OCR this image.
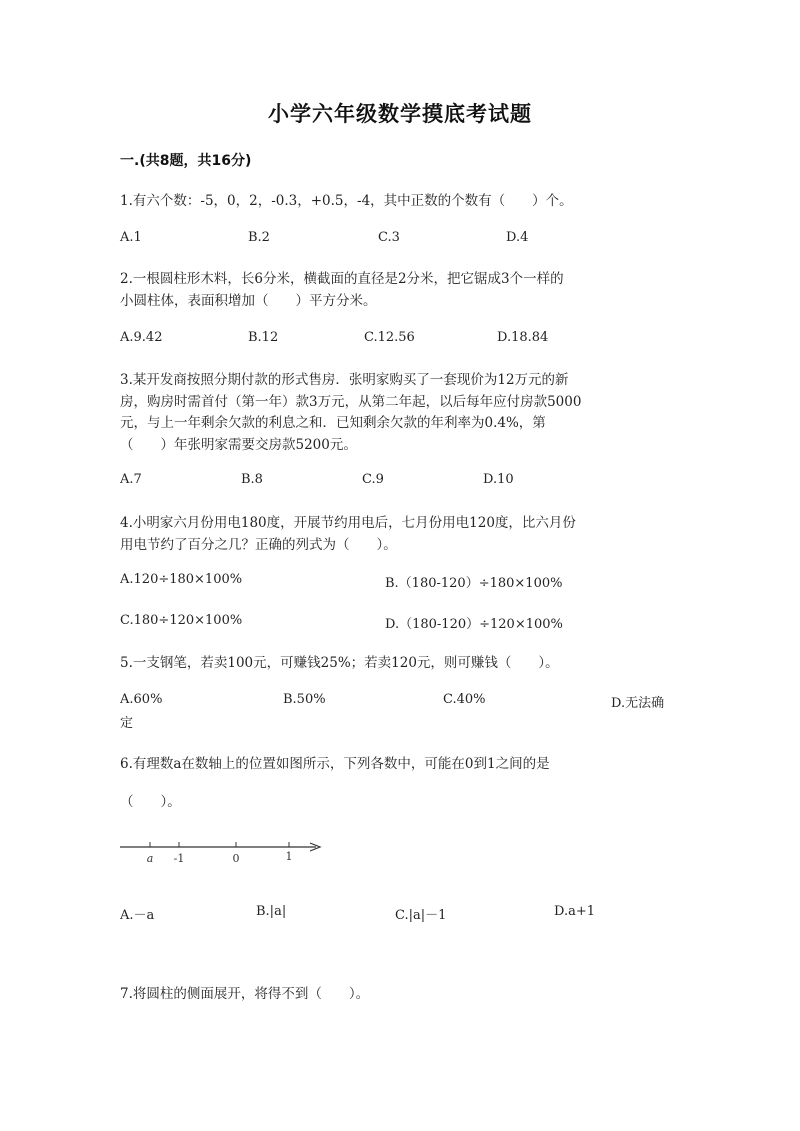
小学六年级数学摸底考试题
一.(共8题，共16分)
1.有六个数：-5，0，2，-0.3，+0.5，-4，其中正数的个数有（　　）个。
A.1	B.2	C.3	D.4
2.一根圆柱形木料，长6分米，横截面的直径是2分米，把它锯成3个一样的
小圆柱体，表面积增加（　　）平方分米。
A.9.42	B.12	C.12.56	D.18.84
3.某开发商按照分期付款的形式售房．张明家购买了一套现价为12万元的新
房，购房时需首付（第一年）款3万元，从第二年起，以后每年应付房款5000
元，与上一年剩余欠款的利息之和．已知剩余欠款的年利率为0.4%，第
（　　）年张明家需要交房款5200元。
A.7	B.8	C.9	D.10
4.小明家六月份用电180度，开展节约用电后，七月份用电120度，比六月份
用电节约了百分之几？正确的列式为（　　）。
A.120÷180×100%	B.（180-120）÷180×100%
C.180÷120×100%	D.（180-120）÷120×100%
5.一支钢笔，若卖100元，可赚钱25%；若卖120元，则可赚钱（　　）。
A.60%	B.50%	C.40%	D.无法确
定
6.有理数a在数轴上的位置如图所示，下列各数中，可能在0到1之间的是
（　　）。
a -1	0	1
A.－a	B.|a|	C.|a|－1	D.a+1
7.将圆柱的侧面展开，将得不到（　　）。
